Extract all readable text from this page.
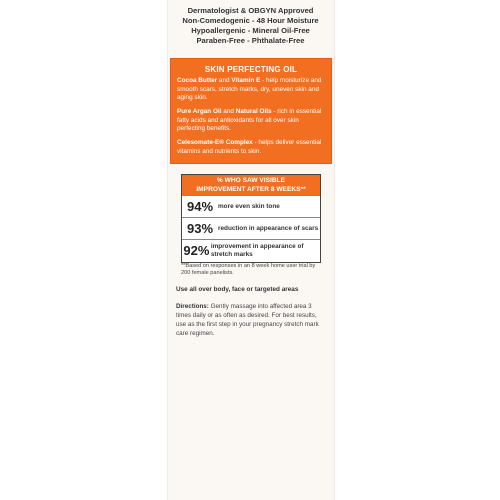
Dermatologist & OBGYN Approved
Non-Comedogenic - 48 Hour Moisture
Hypoallergenic - Mineral Oil-Free
Paraben-Free - Phthalate-Free
SKIN PERFECTING OIL
Cocoa Butter and Vitamin E - help moisturize and smooth scars, stretch marks, dry, uneven skin and aging skin.
Pure Argan Oil and Natural Oils - rich in essential fatty acids and antioxidants for all over skin perfecting benefits.
Celesomate-E® Complex - helps deliver essential vitamins and nutrients to skin.
% WHO SAW VISIBLE
IMPROVEMENT AFTER 8 WEEKS**
94% more even skin tone
93% reduction in appearance of scars
92% improvement in appearance of stretch marks
**Based on responses in an 8 week home user trial by 200 female panelists.
Use all over body, face or targeted areas
Directions: Gently massage into affected area 3 times daily or as often as desired. For best results, use as the first step in your pregnancy stretch mark care regimen.
